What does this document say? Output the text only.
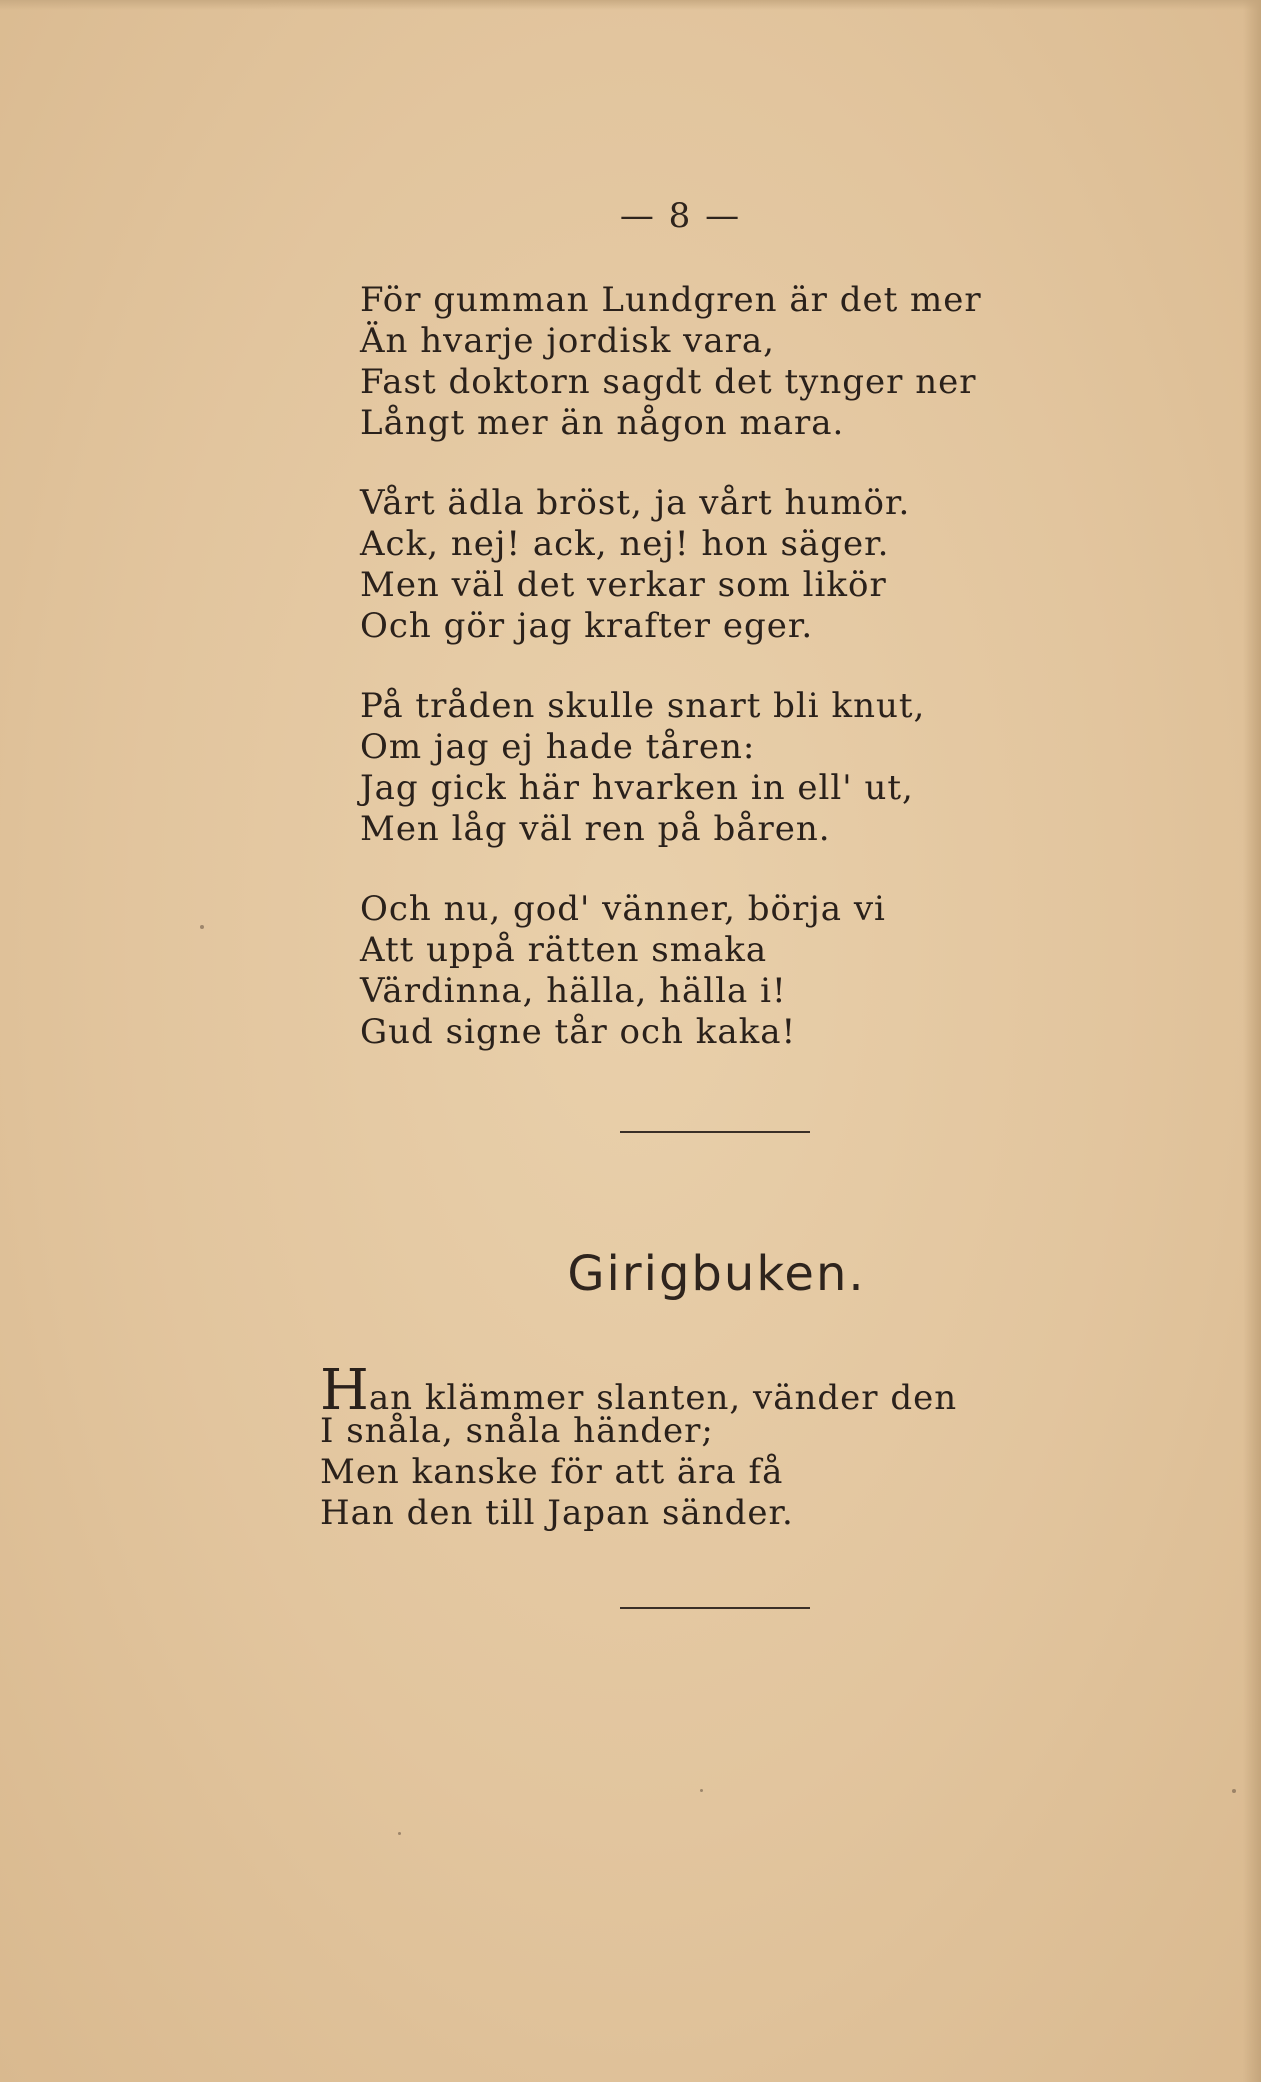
— 8 —
För gumman Lundgren är det mer
Än hvarje jordisk vara,
Fast doktorn sagdt det tynger ner
Långt mer än någon mara.
Vårt ädla bröst, ja vårt humör.
Ack, nej! ack, nej! hon säger.
Men väl det verkar som likör
Och gör jag krafter eger.
På tråden skulle snart bli knut,
Om jag ej hade tåren:
Jag gick här hvarken in ell' ut,
Men låg väl ren på båren.
Och nu, god' vänner, börja vi
Att uppå rätten smaka
Värdinna, hälla, hälla i!
Gud signe tår och kaka!
Girigbuken.
Han klämmer slanten, vänder den
I snåla, snåla händer;
Men kanske för att ära få
Han den till Japan sänder.
